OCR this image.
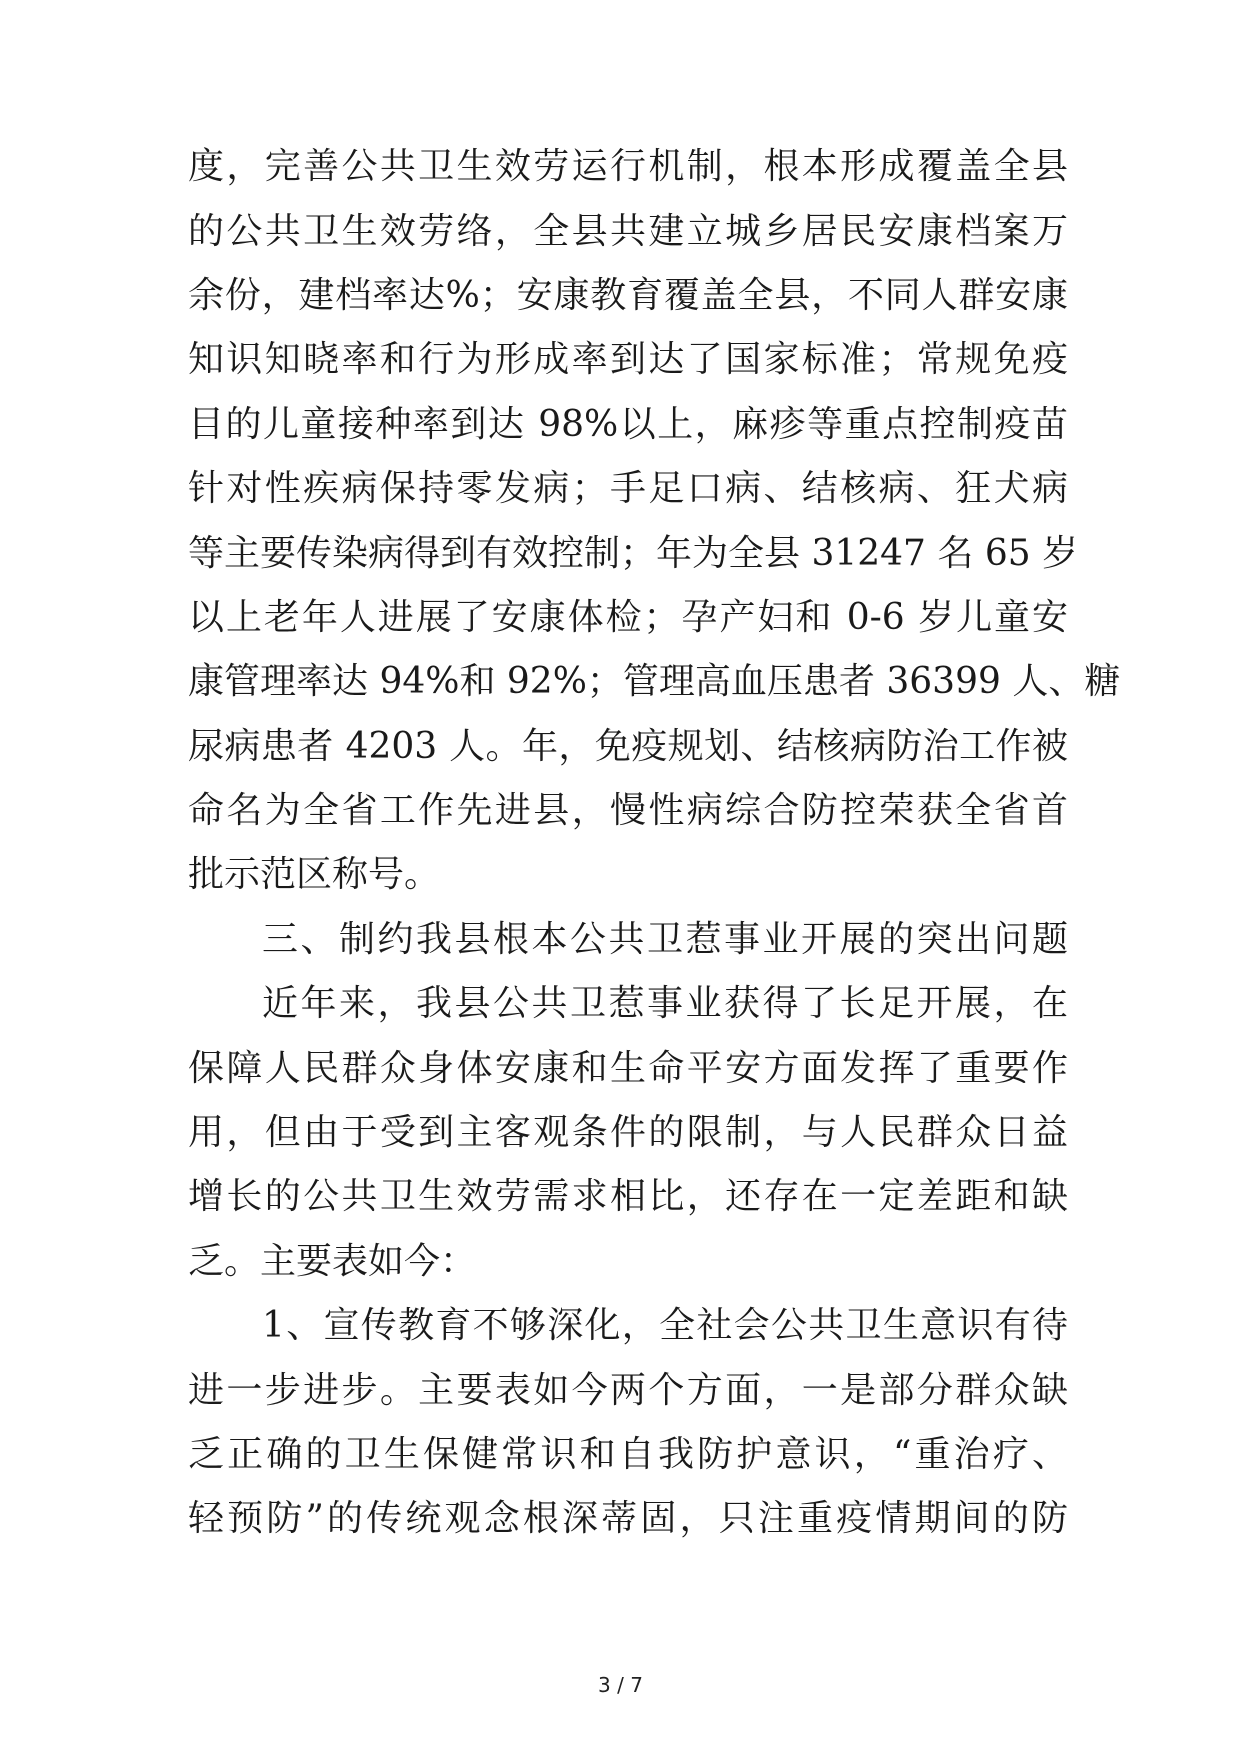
度，完善公共卫生效劳运行机制，根本形成覆盖全县
的公共卫生效劳络，全县共建立城乡居民安康档案万
余份，建档率达%；安康教育覆盖全县，不同人群安康
知识知晓率和行为形成率到达了国家标准；常规免疫
目的儿童接种率到达 98%以上，麻疹等重点控制疫苗
针对性疾病保持零发病；手足口病、结核病、狂犬病
等主要传染病得到有效控制；年为全县 31247 名 65 岁
以上老年人进展了安康体检；孕产妇和 0-6 岁儿童安
康管理率达 94%和 92%；管理高血压患者 36399 人、糖
尿病患者 4203 人。年，免疫规划、结核病防治工作被
命名为全省工作先进县，慢性病综合防控荣获全省首
批示范区称号。
三、制约我县根本公共卫惹事业开展的突出问题
近年来，我县公共卫惹事业获得了长足开展，在
保障人民群众身体安康和生命平安方面发挥了重要作
用，但由于受到主客观条件的限制，与人民群众日益
增长的公共卫生效劳需求相比，还存在一定差距和缺
乏。主要表如今：
1、宣传教育不够深化，全社会公共卫生意识有待
进一步进步。主要表如今两个方面，一是部分群众缺
乏正确的卫生保健常识和自我防护意识，“重治疗、
轻预防”的传统观念根深蒂固，只注重疫情期间的防
3 / 7
